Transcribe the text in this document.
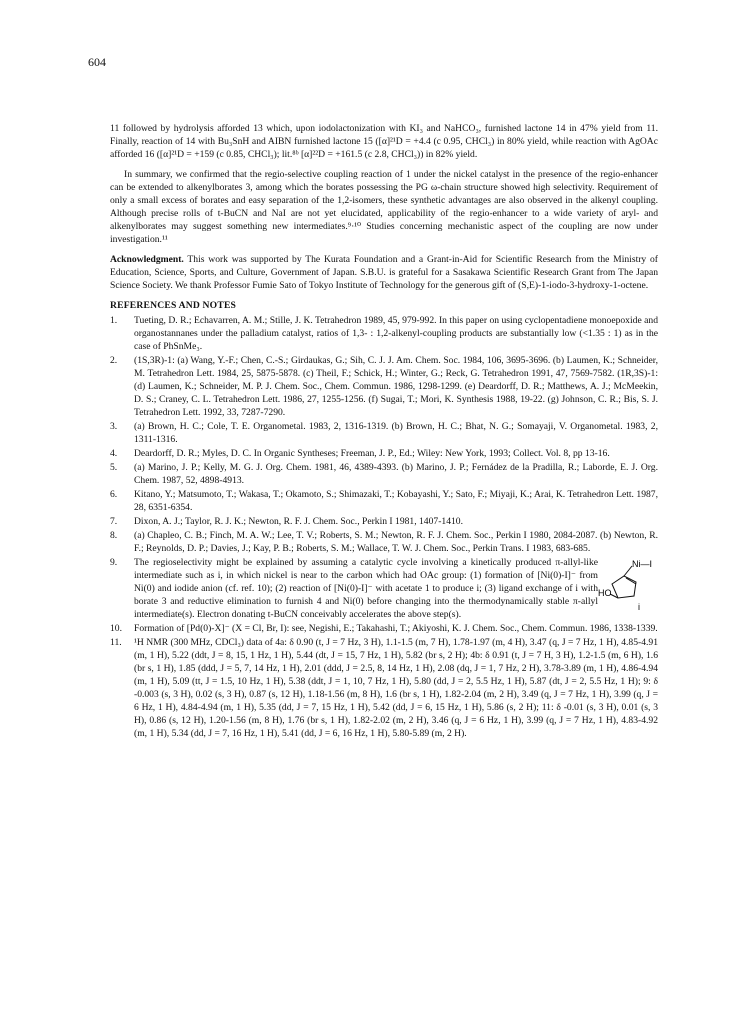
604

11 followed by hydrolysis afforded 13 which, upon iodolactonization with KI₃ and NaHCO₃, furnished lactone 14 in 47% yield from 11. Finally, reaction of 14 with Bu₃SnH and AIBN furnished lactone 15 ([α]²¹D = +4.4 (c 0.95, CHCl₃) in 80% yield, while reaction with AgOAc afforded 16 ([α]²¹D = +159 (c 0.85, CHCl₃); lit.⁸ᵇ [α]²²D = +161.5 (c 2.8, CHCl₃)) in 82% yield.

In summary, we confirmed that the regio-selective coupling reaction of 1 under the nickel catalyst in the presence of the regio-enhancer can be extended to alkenylborates 3, among which the borates possessing the PG ω-chain structure showed high selectivity. Requirement of only a small excess of borates and easy separation of the 1,2-isomers, these synthetic advantages are also observed in the alkenyl coupling. Although precise rolls of t-BuCN and NaI are not yet elucidated, applicability of the regio-enhancer to a wide variety of aryl- and alkenylborates may suggest something new intermediates.⁹·¹⁰ Studies concerning mechanistic aspect of the coupling are now under investigation.¹¹

Acknowledgment. This work was supported by The Kurata Foundation and a Grant-in-Aid for Scientific Research from the Ministry of Education, Science, Sports, and Culture, Government of Japan. S.B.U. is grateful for a Sasakawa Scientific Research Grant from The Japan Science Society. We thank Professor Fumie Sato of Tokyo Institute of Technology for the generous gift of (S,E)-1-iodo-3-hydroxy-1-octene.

REFERENCES AND NOTES
1. Tueting, D. R.; Echavarren, A. M.; Stille, J. K. Tetrahedron 1989, 45, 979-992. In this paper on using cyclopentadiene monoepoxide and organostannanes under the palladium catalyst, ratios of 1,3- : 1,2-alkenyl-coupling products are substantially low (<1.35 : 1) as in the case of PhSnMe₃.
2. (1S,3R)-1: (a) Wang, Y.-F.; Chen, C.-S.; Girdaukas, G.; Sih, C. J. J. Am. Chem. Soc. 1984, 106, 3695-3696. (b) Laumen, K.; Schneider, M. Tetrahedron Lett. 1984, 25, 5875-5878. (c) Theil, F.; Schick, H.; Winter, G.; Reck, G. Tetrahedron 1991, 47, 7569-7582. (1R,3S)-1: (d) Laumen, K.; Schneider, M. P. J. Chem. Soc., Chem. Commun. 1986, 1298-1299. (e) Deardorff, D. R.; Matthews, A. J.; McMeekin, D. S.; Craney, C. L. Tetrahedron Lett. 1986, 27, 1255-1256. (f) Sugai, T.; Mori, K. Synthesis 1988, 19-22. (g) Johnson, C. R.; Bis, S. J. Tetrahedron Lett. 1992, 33, 7287-7290.
3. (a) Brown, H. C.; Cole, T. E. Organometal. 1983, 2, 1316-1319. (b) Brown, H. C.; Bhat, N. G.; Somayaji, V. Organometal. 1983, 2, 1311-1316.
4. Deardorff, D. R.; Myles, D. C. In Organic Syntheses; Freeman, J. P., Ed.; Wiley: New York, 1993; Collect. Vol. 8, pp 13-16.
5. (a) Marino, J. P.; Kelly, M. G. J. Org. Chem. 1981, 46, 4389-4393. (b) Marino, J. P.; Fernádez de la Pradilla, R.; Laborde, E. J. Org. Chem. 1987, 52, 4898-4913.
6. Kitano, Y.; Matsumoto, T.; Wakasa, T.; Okamoto, S.; Shimazaki, T.; Kobayashi, Y.; Sato, F.; Miyaji, K.; Arai, K. Tetrahedron Lett. 1987, 28, 6351-6354.
7. Dixon, A. J.; Taylor, R. J. K.; Newton, R. F. J. Chem. Soc., Perkin I 1981, 1407-1410.
8. (a) Chapleo, C. B.; Finch, M. A. W.; Lee, T. V.; Roberts, S. M.; Newton, R. F. J. Chem. Soc., Perkin I 1980, 2084-2087. (b) Newton, R. F.; Reynolds, D. P.; Davies, J.; Kay, P. B.; Roberts, S. M.; Wallace, T. W. J. Chem. Soc., Perkin Trans. I 1983, 683-685.
9. The regioselectivity might be explained by assuming a catalytic cycle involving a kinetically produced π-allyl-like intermediate such as i, in which nickel is near to the carbon which had OAc group: (1) formation of [Ni(0)-I]⁻ from Ni(0) and iodide anion (cf. ref. 10); (2) reaction of [Ni(0)-I]⁻ with acetate 1 to produce i; (3) ligand exchange of i with borate 3 and reductive elimination to furnish 4 and Ni(0) before changing into the thermodynamically stable π-allyl intermediate(s). Electron donating t-BuCN conceivably accelerates the above step(s).
Ni—I
HO
i
10. Formation of [Pd(0)-X]⁻ (X = Cl, Br, I): see, Negishi, E.; Takahashi, T.; Akiyoshi, K. J. Chem. Soc., Chem. Commun. 1986, 1338-1339.
11. ¹H NMR (300 MHz, CDCl₃) data of 4a: δ 0.90 (t, J = 7 Hz, 3 H), 1.1-1.5 (m, 7 H), 1.78-1.97 (m, 4 H), 3.47 (q, J = 7 Hz, 1 H), 4.85-4.91 (m, 1 H), 5.22 (ddt, J = 8, 15, 1 Hz, 1 H), 5.44 (dt, J = 15, 7 Hz, 1 H), 5.82 (br s, 2 H); 4b: δ 0.91 (t, J = 7 H, 3 H), 1.2-1.5 (m, 6 H), 1.6 (br s, 1 H), 1.85 (ddd, J = 5, 7, 14 Hz, 1 H), 2.01 (ddd, J = 2.5, 8, 14 Hz, 1 H), 2.08 (dq, J = 1, 7 Hz, 2 H), 3.78-3.89 (m, 1 H), 4.86-4.94 (m, 1 H), 5.09 (tt, J = 1.5, 10 Hz, 1 H), 5.38 (ddt, J = 1, 10, 7 Hz, 1 H), 5.80 (dd, J = 2, 5.5 Hz, 1 H), 5.87 (dt, J = 2, 5.5 Hz, 1 H); 9: δ -0.003 (s, 3 H), 0.02 (s, 3 H), 0.87 (s, 12 H), 1.18-1.56 (m, 8 H), 1.6 (br s, 1 H), 1.82-2.04 (m, 2 H), 3.49 (q, J = 7 Hz, 1 H), 3.99 (q, J = 6 Hz, 1 H), 4.84-4.94 (m, 1 H), 5.35 (dd, J = 7, 15 Hz, 1 H), 5.42 (dd, J = 6, 15 Hz, 1 H), 5.86 (s, 2 H); 11: δ -0.01 (s, 3 H), 0.01 (s, 3 H), 0.86 (s, 12 H), 1.20-1.56 (m, 8 H), 1.76 (br s, 1 H), 1.82-2.02 (m, 2 H), 3.46 (q, J = 6 Hz, 1 H), 3.99 (q, J = 7 Hz, 1 H), 4.83-4.92 (m, 1 H), 5.34 (dd, J = 7, 16 Hz, 1 H), 5.41 (dd, J = 6, 16 Hz, 1 H), 5.80-5.89 (m, 2 H).
